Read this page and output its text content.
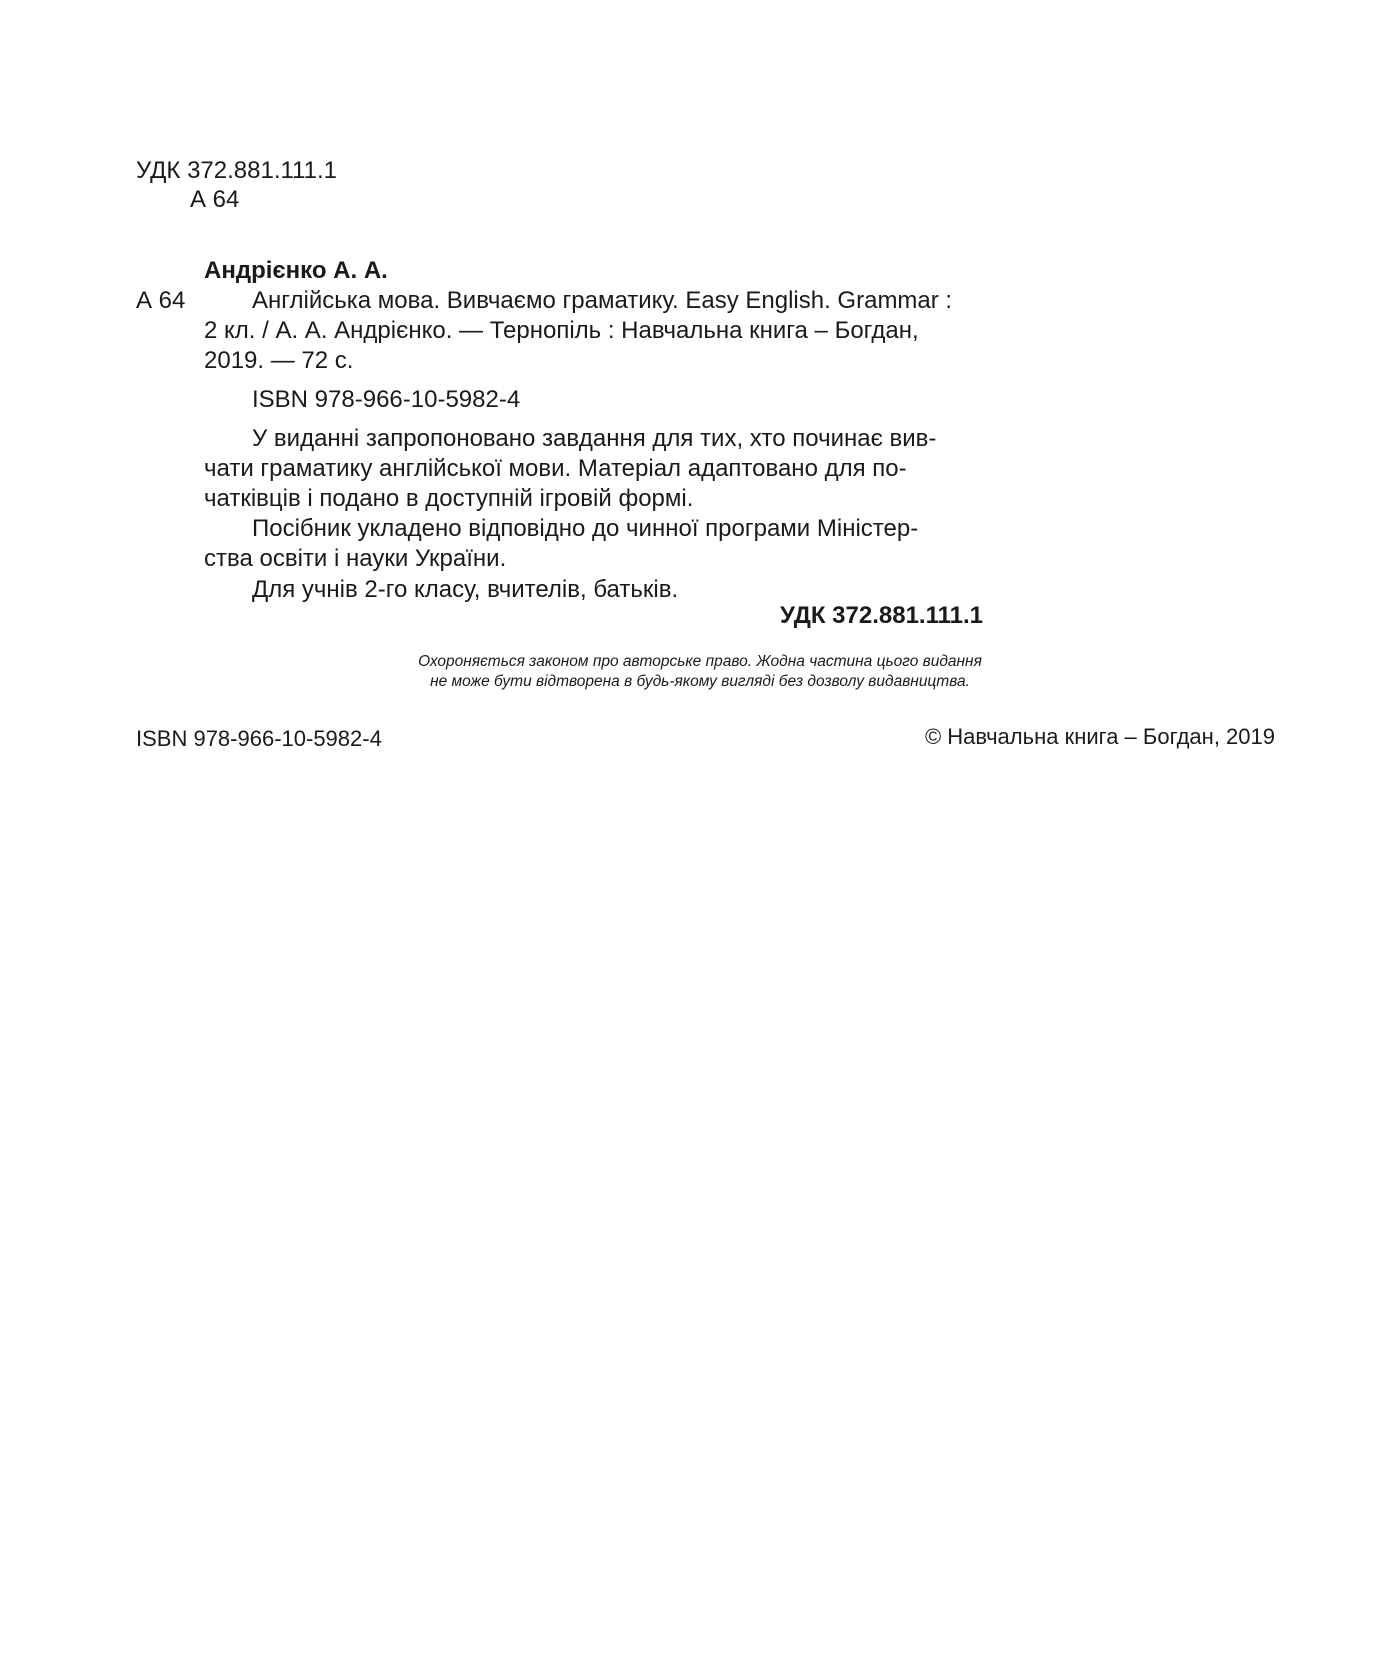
УДК 372.881.111.1
А 64
Андрієнко А. А.
А 64	Англійська мова. Вивчаємо граматику. Easy English. Grammar :
2 кл. / А. А. Андрієнко. — Тернопіль : Навчальна книга – Богдан,
2019. — 72 с.
ISBN 978-966-10-5982-4
У виданні запропоновано завдання для тих, хто починає вив-
чати граматику англійської мови. Матеріал адаптовано для по-
чатківців і подано в доступній ігровій формі.
Посібник укладено відповідно до чинної програми Міністер-
ства освіти і науки України.
Для учнів 2-го класу, вчителів, батьків.
УДК 372.881.111.1
Охороняється законом про авторське право. Жодна частина цього видання
не може бути відтворена в будь-якому вигляді без дозволу видавництва.
ISBN 978-966-10-5982-4	© Навчальна книга – Богдан, 2019
